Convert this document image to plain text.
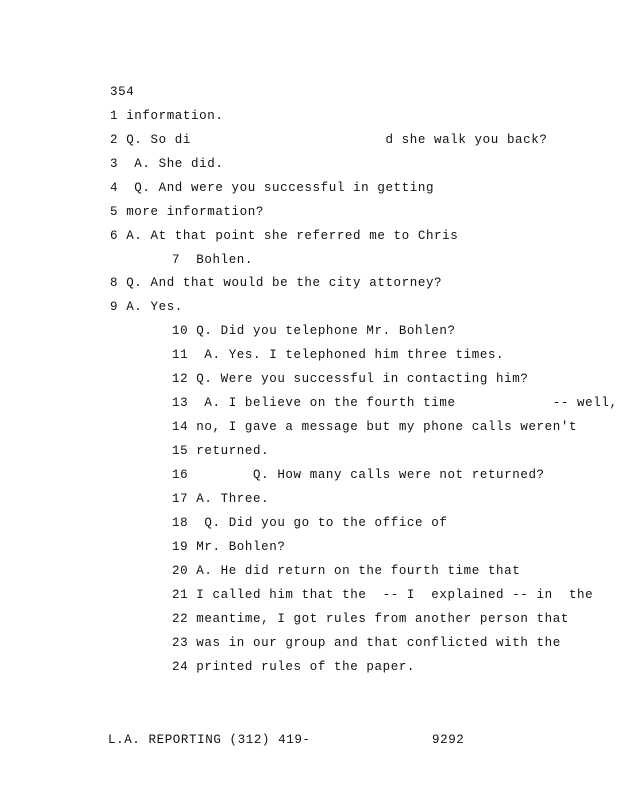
354
1 information.
2 Q. So di                        d she walk you back?
3  A. She did.
4  Q. And were you successful in getting
5 more information?
6 A. At that point she referred me to Chris
7  Bohlen.
8 Q. And that would be the city attorney?
9 A. Yes.
10 Q. Did you telephone Mr. Bohlen?
11  A. Yes. I telephoned him three times.
12 Q. Were you successful in contacting him?
13  A. I believe on the fourth time            -- well,
14 no, I gave a message but my phone calls weren't
15 returned.
16        Q. How many calls were not returned?
17 A. Three.
18  Q. Did you go to the office of
19 Mr. Bohlen?
20 A. He did return on the fourth time that
21 I called him that the  -- I  explained -- in  the
22 meantime, I got rules from another person that
23 was in our group and that conflicted with the
24 printed rules of the paper.
L.A. REPORTING (312) 419-	9292
